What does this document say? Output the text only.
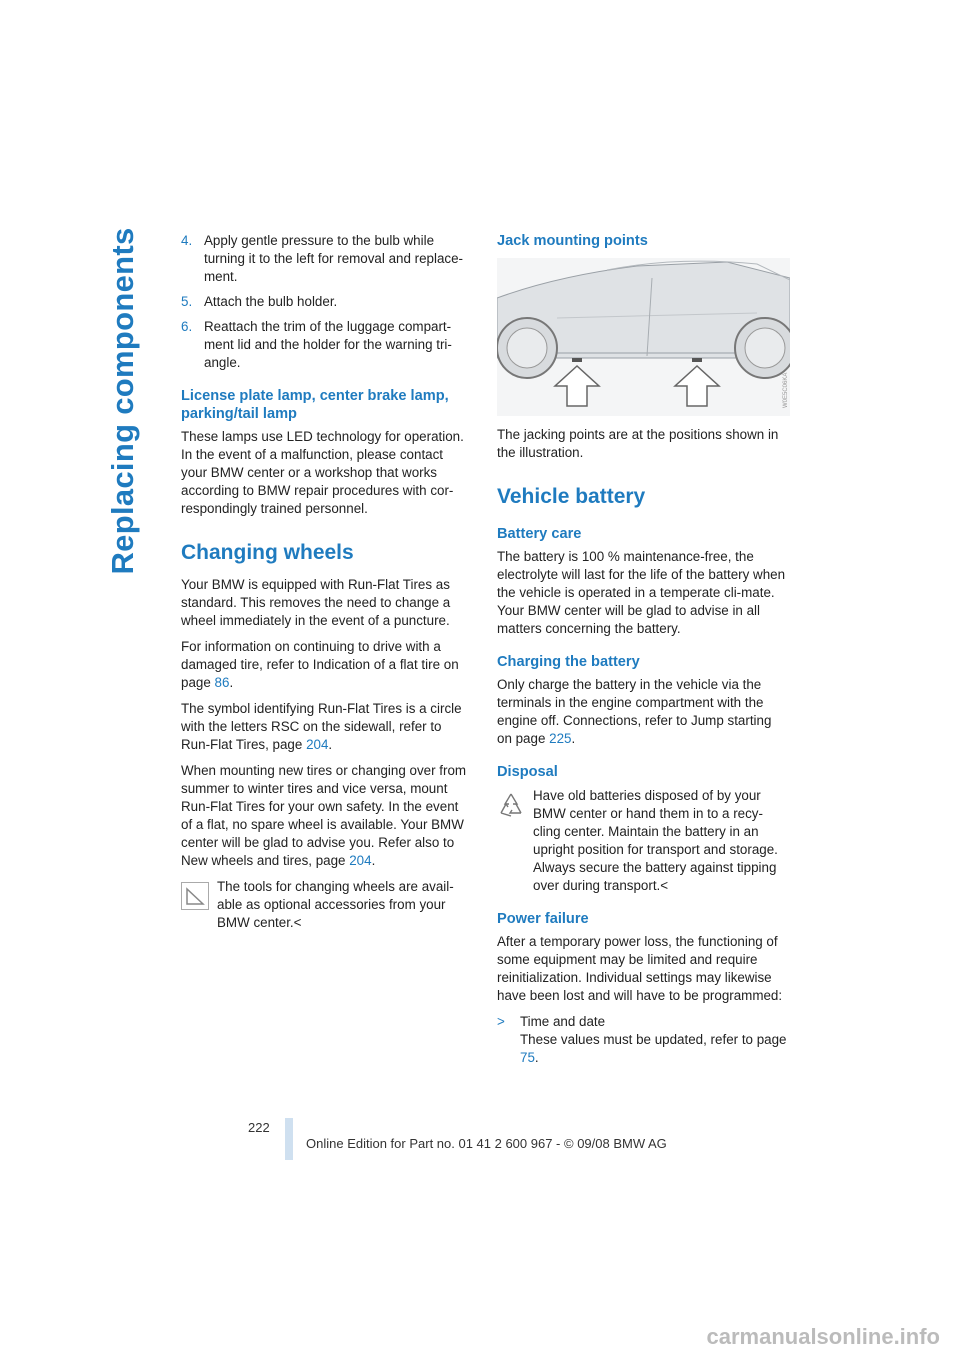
Replacing components	4. Apply gentle pressure to the bulb while turning it to the left for removal and replace-ment.
5. Attach the bulb holder.
6. Reattach the trim of the luggage compart-ment lid and the holder for the warning tri-angle.
License plate lamp, center brake lamp, parking/tail lamp

These lamps use LED technology for operation. In the event of a malfunction, please contact your BMW center or a workshop that works according to BMW repair procedures with cor-respondingly trained personnel.

Changing wheels

Your BMW is equipped with Run-Flat Tires as standard. This removes the need to change a wheel immediately in the event of a puncture.

For information on continuing to drive with a damaged tire, refer to Indication of a flat tire on page 86.

The symbol identifying Run-Flat Tires is a circle with the letters RSC on the sidewall, refer to Run-Flat Tires, page 204.

When mounting new tires or changing over from summer to winter tires and vice versa, mount Run-Flat Tires for your own safety. In the event of a flat, no spare wheel is available. Your BMW center will be glad to advise you. Refer also to New wheels and tires, page 204.

The tools for changing wheels are avail-able as optional accessories from your BMW center.<
Jack mounting points
W0E5C06KA

The jacking points are at the positions shown in the illustration.

Vehicle battery
Battery care

The battery is 100 % maintenance-free, the electrolyte will last for the life of the battery when the vehicle is operated in a temperate cli-mate. Your BMW center will be glad to advise in all matters concerning the battery.

Charging the battery

Only charge the battery in the vehicle via the terminals in the engine compartment with the engine off. Connections, refer to Jump starting on page 225.

Disposal
Have old batteries disposed of by your BMW center or hand them in to a recy-cling center. Maintain the battery in an upright position for transport and storage. Always secure the battery against tipping over during transport.<
Power failure

After a temporary power loss, the functioning of some equipment may be limited and require reinitialization. Individual settings may likewise have been lost and will have to be programmed:

> Time and date
These values must be updated, refer to page 75.
222
Online Edition for Part no. 01 41 2 600 967 - © 09/08 BMW AG
carmanualsonline.info
